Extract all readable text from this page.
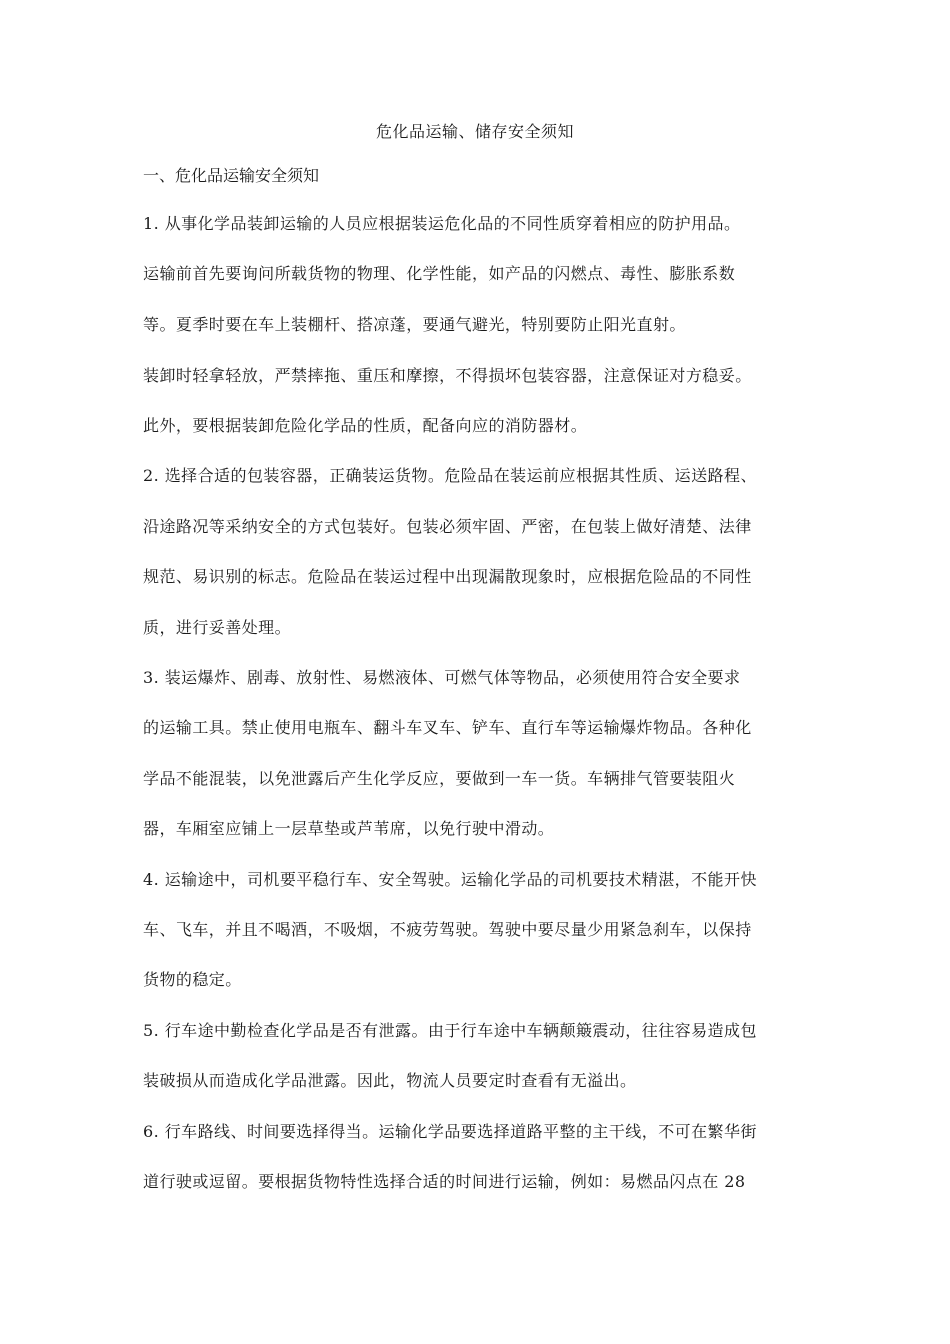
危化品运输、储存安全须知
一、危化品运输安全须知
1. 从事化学品装卸运输的人员应根据装运危化品的不同性质穿着相应的防护用品。
运输前首先要询问所载货物的物理、化学性能，如产品的闪燃点、毒性、膨胀系数
等。夏季时要在车上装棚杆、搭凉蓬，要通气避光，特别要防止阳光直射。
装卸时轻拿轻放，严禁摔拖、重压和摩擦，不得损坏包装容器，注意保证对方稳妥。
此外，要根据装卸危险化学品的性质，配备向应的消防器材。
2. 选择合适的包装容器，正确装运货物。危险品在装运前应根据其性质、运送路程、
沿途路况等采纳安全的方式包装好。包装必须牢固、严密，在包装上做好清楚、法律
规范、易识别的标志。危险品在装运过程中出现漏散现象时，应根据危险品的不同性
质，进行妥善处理。
3. 装运爆炸、剧毒、放射性、易燃液体、可燃气体等物品，必须使用符合安全要求
的运输工具。禁止使用电瓶车、翻斗车叉车、铲车、直行车等运输爆炸物品。各种化
学品不能混装，以免泄露后产生化学反应，要做到一车一货。车辆排气管要装阻火
器，车厢室应铺上一层草垫或芦苇席，以免行驶中滑动。
4. 运输途中，司机要平稳行车、安全驾驶。运输化学品的司机要技术精湛，不能开快
车、飞车，并且不喝酒，不吸烟，不疲劳驾驶。驾驶中要尽量少用紧急刹车，以保持
货物的稳定。
5. 行车途中勤检查化学品是否有泄露。由于行车途中车辆颠簸震动，往往容易造成包
装破损从而造成化学品泄露。因此，物流人员要定时查看有无溢出。
6. 行车路线、时间要选择得当。运输化学品要选择道路平整的主干线，不可在繁华街
道行驶或逗留。要根据货物特性选择合适的时间进行运输，例如：易燃品闪点在 28
